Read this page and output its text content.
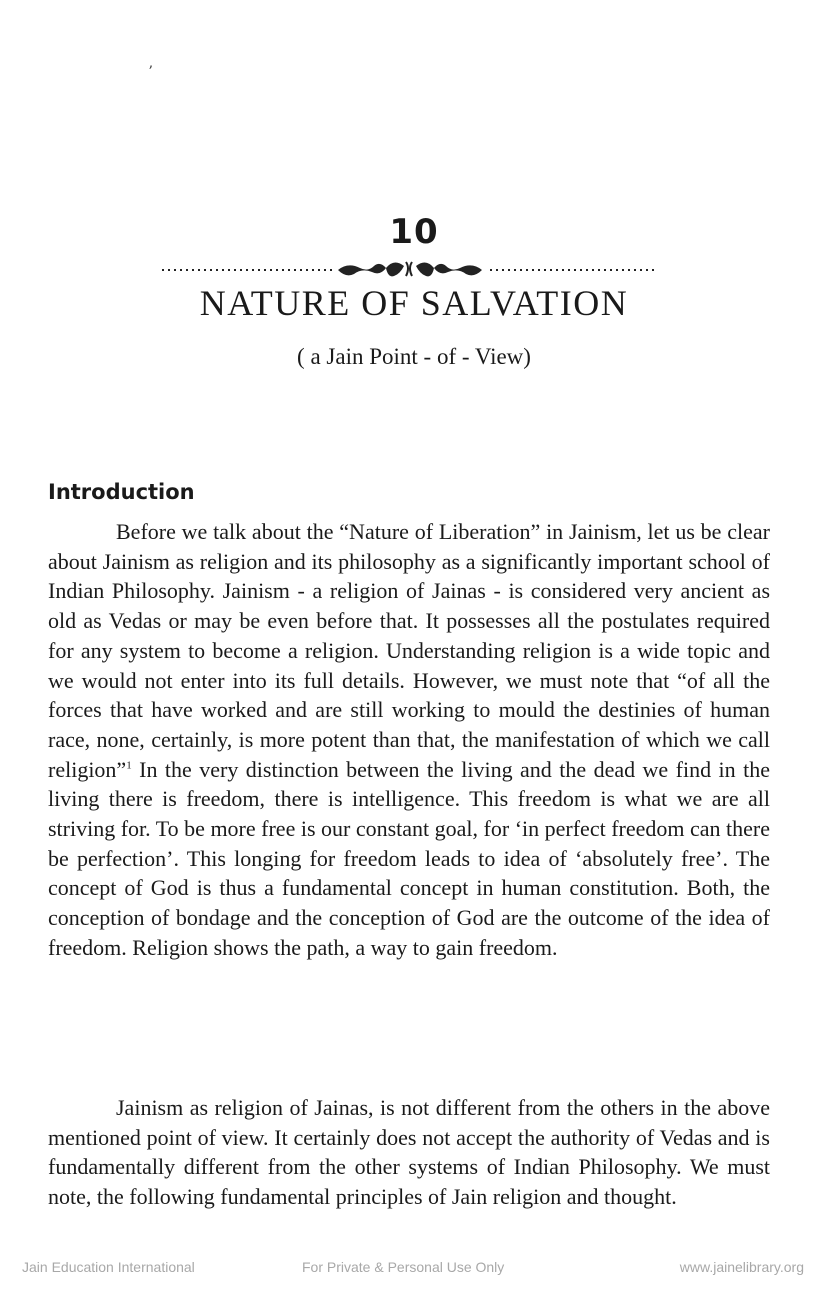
ʼ
10
NATURE OF SALVATION
( a Jain Point - of - View)
Introduction

Before we talk about the “Nature of Liberation” in Jainism, let us be clear about Jainism as religion and its philosophy as a significantly important school of Indian Philosophy. Jainism - a religion of Jainas - is considered very ancient as old as Vedas or may be even before that. It possesses all the postulates required for any system to become a religion. Understanding religion is a wide topic and we would not enter into its full details. However, we must note that “of all the forces that have worked and are still working to mould the destinies of human race, none, certainly, is more potent than that, the manifestation of which we call religion”$^1$ In the very distinction between the living and the dead we find in the living there is freedom, there is intelligence. This freedom is what we are all striving for. To be more free is our constant goal, for ‘in perfect freedom can there be perfection’. This longing for freedom leads to idea of ‘absolutely free’. The concept of God is thus a fundamental concept in human constitution. Both, the conception of bondage and the conception of God are the outcome of the idea of freedom. Religion shows the path, a way to gain freedom.

Jainism as religion of Jainas, is not different from the others in the above mentioned point of view. It certainly does not accept the authority of Vedas and is fundamentally different from the other systems of Indian Philosophy. We must note, the following fundamental principles of Jain religion and thought.

Jain Education International	For Private & Personal Use Only	www.jainelibrary.org
